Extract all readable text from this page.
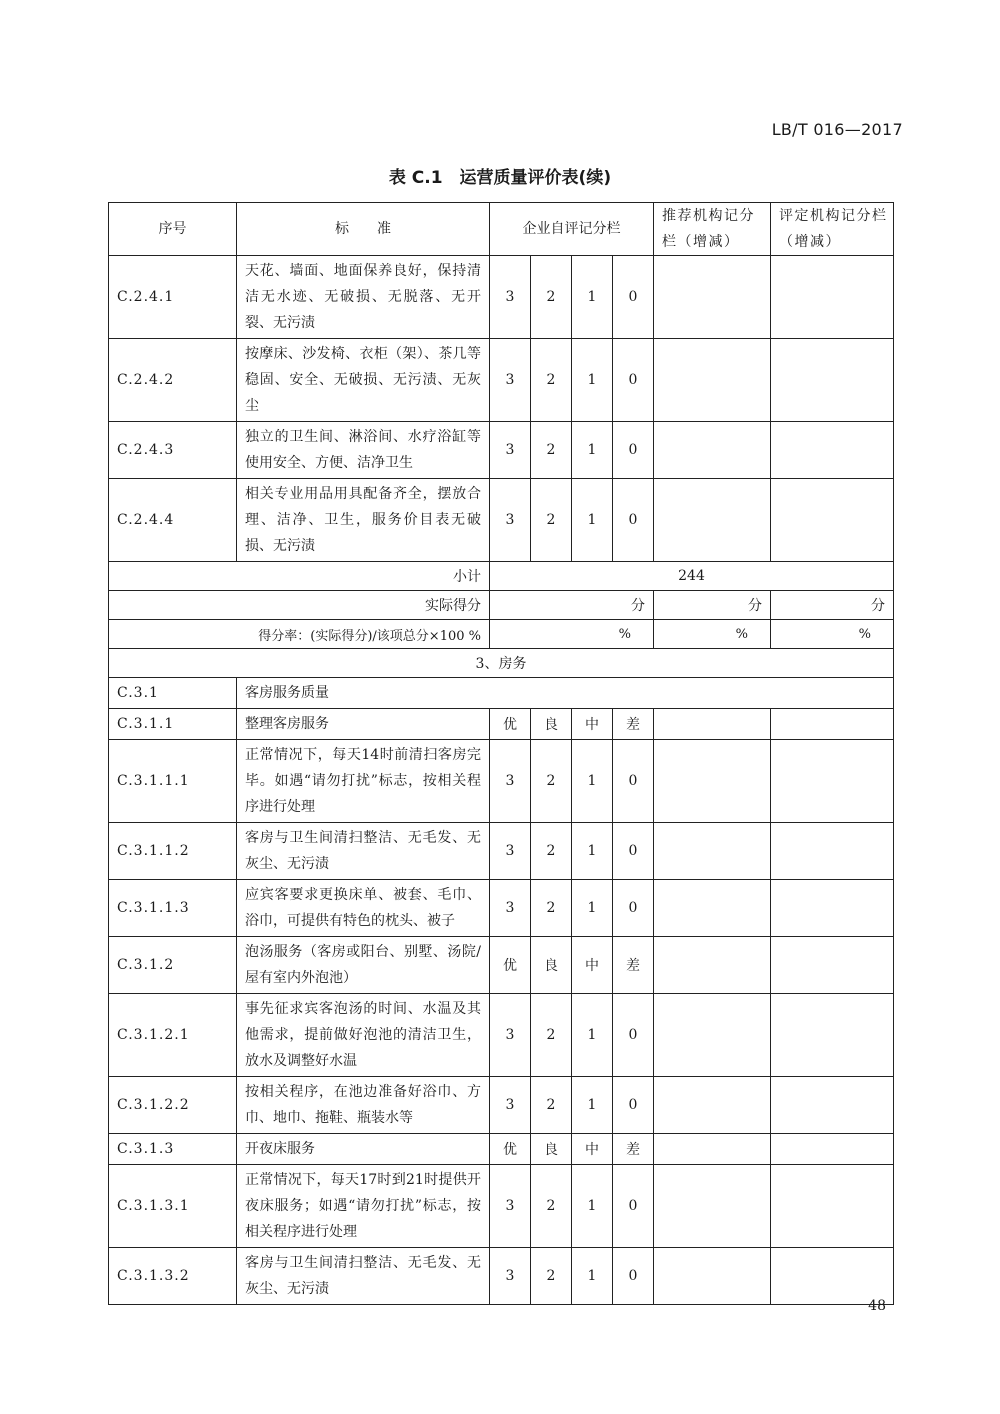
LB/T 016—2017
表 C.1　运营质量评价表(续)
序号	标　　准	企业自评记分栏				推荐机构记分栏（增减）	评定机构记分栏（增减）
C.2.4.1	天花、墙面、地面保养良好，保持清洁无水迹、无破损、无脱落、无开裂、无污渍	3	2	1	0		
C.2.4.2	按摩床、沙发椅、衣柜（架）、茶几等稳固、安全、无破损、无污渍、无灰尘	3	2	1	0		
C.2.4.3	独立的卫生间、淋浴间、水疗浴缸等使用安全、方便、洁净卫生	3	2	1	0		
C.2.4.4	相关专业用品用具配备齐全，摆放合理、洁净、卫生，服务价目表无破损、无污渍	3	2	1	0		
小计		244					
实际得分		分				分	分
得分率：(实际得分)/该项总分×100 %		%				%	%
3、房务							
C.3.1	客房服务质量						
C.3.1.1	整理客房服务	优	良	中	差		
C.3.1.1.1	正常情况下，每天14时前清扫客房完毕。如遇“请勿打扰”标志，按相关程序进行处理	3	2	1	0		
C.3.1.1.2	客房与卫生间清扫整洁、无毛发、无灰尘、无污渍	3	2	1	0		
C.3.1.1.3	应宾客要求更换床单、被套、毛巾、浴巾，可提供有特色的枕头、被子	3	2	1	0		
C.3.1.2	泡汤服务（客房或阳台、别墅、汤院/屋有室内外泡池）	优	良	中	差		
C.3.1.2.1	事先征求宾客泡汤的时间、水温及其他需求，提前做好泡池的清洁卫生，放水及调整好水温	3	2	1	0		
C.3.1.2.2	按相关程序，在池边准备好浴巾、方巾、地巾、拖鞋、瓶装水等	3	2	1	0		
C.3.1.3	开夜床服务	优	良	中	差		
C.3.1.3.1	正常情况下，每天17时到21时提供开夜床服务；如遇“请勿打扰”标志，按相关程序进行处理	3	2	1	0		
C.3.1.3.2	客房与卫生间清扫整洁、无毛发、无灰尘、无污渍	3	2	1	0		
48
